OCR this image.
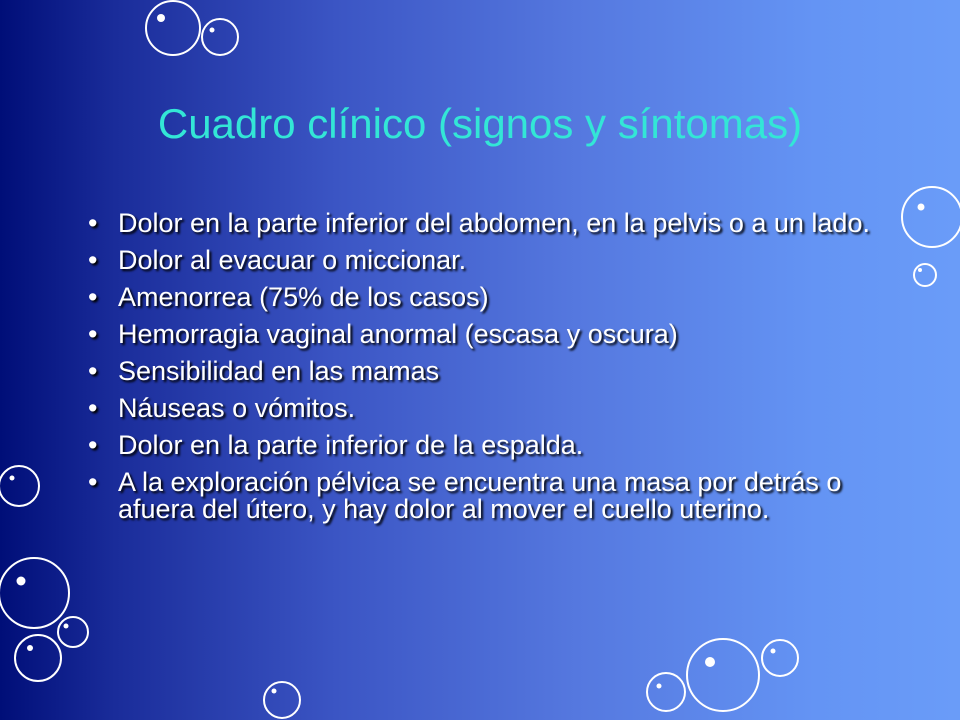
Cuadro clínico (signos y síntomas)
• Dolor en la parte inferior del abdomen, en la pelvis o a un lado.
• Dolor al evacuar o miccionar.
• Amenorrea (75% de los casos)
• Hemorragia vaginal anormal (escasa y oscura)
• Sensibilidad en las mamas
• Náuseas o vómitos.
• Dolor en la parte inferior de la espalda.
• A la exploración pélvica se encuentra una masa por detrás o afuera del útero, y hay dolor al mover el cuello uterino.
